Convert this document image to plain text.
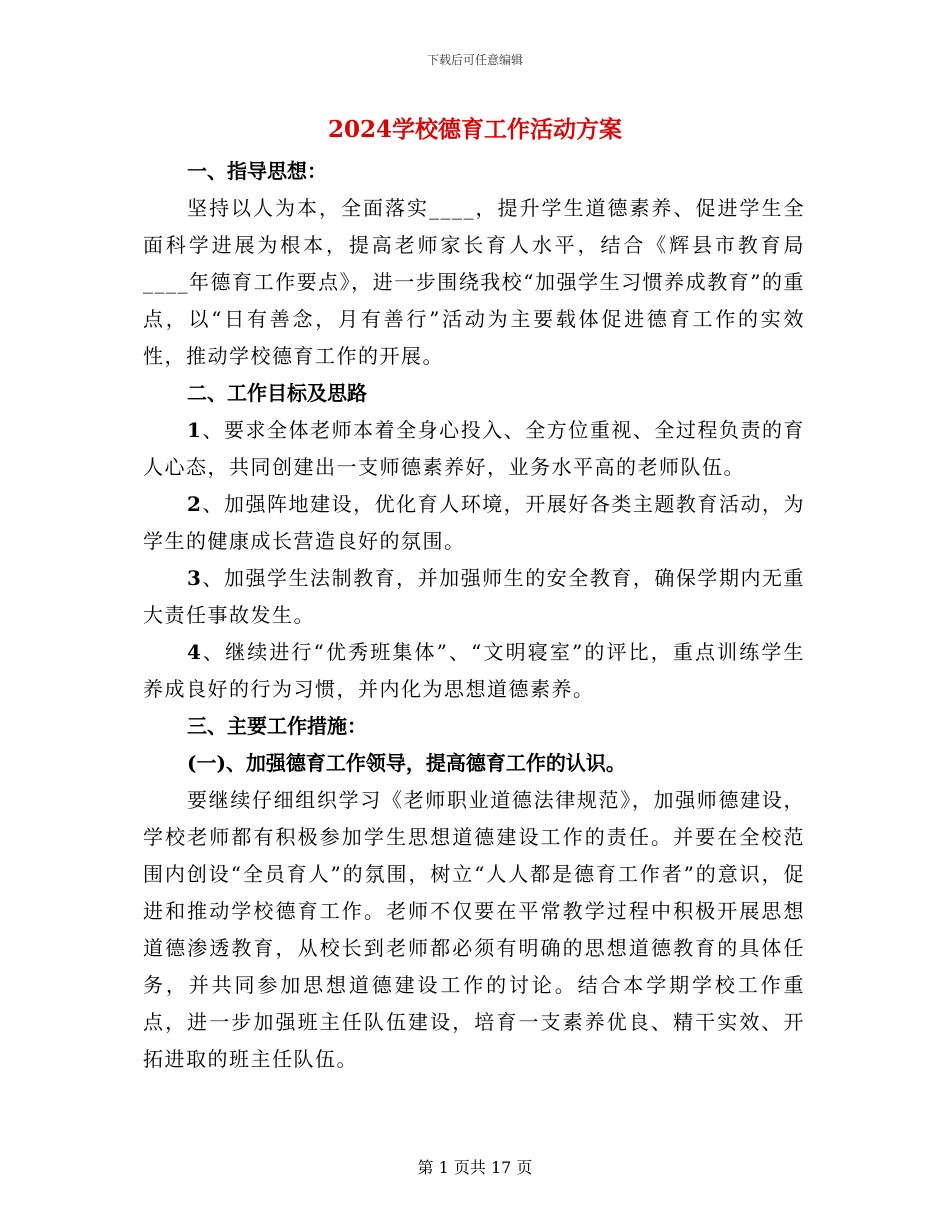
下载后可任意编辑
2024学校德育工作活动方案
一、指导思想：
坚持以人为本，全面落实____，提升学生道德素养、促进学生全面科学进展为根本，提高老师家长育人水平，结合《辉县市教育局____年德育工作要点》，进一步围绕我校“加强学生习惯养成教育”的重点，以“日有善念，月有善行”活动为主要载体促进德育工作的实效性，推动学校德育工作的开展。
二、工作目标及思路
1、要求全体老师本着全身心投入、全方位重视、全过程负责的育人心态，共同创建出一支师德素养好，业务水平高的老师队伍。
2、加强阵地建设，优化育人环境，开展好各类主题教育活动，为学生的健康成长营造良好的氛围。
3、加强学生法制教育，并加强师生的安全教育，确保学期内无重大责任事故发生。
4、继续进行“优秀班集体”、“文明寝室”的评比，重点训练学生养成良好的行为习惯，并内化为思想道德素养。
三、主要工作措施：
(一)、加强德育工作领导，提高德育工作的认识。
要继续仔细组织学习《老师职业道德法律规范》，加强师德建设，学校老师都有积极参加学生思想道德建设工作的责任。并要在全校范围内创设“全员育人”的氛围，树立“人人都是德育工作者”的意识，促进和推动学校德育工作。老师不仅要在平常教学过程中积极开展思想道德渗透教育，从校长到老师都必须有明确的思想道德教育的具体任务，并共同参加思想道德建设工作的讨论。结合本学期学校工作重点，进一步加强班主任队伍建设，培育一支素养优良、精干实效、开拓进取的班主任队伍。
第 1 页共 17 页
